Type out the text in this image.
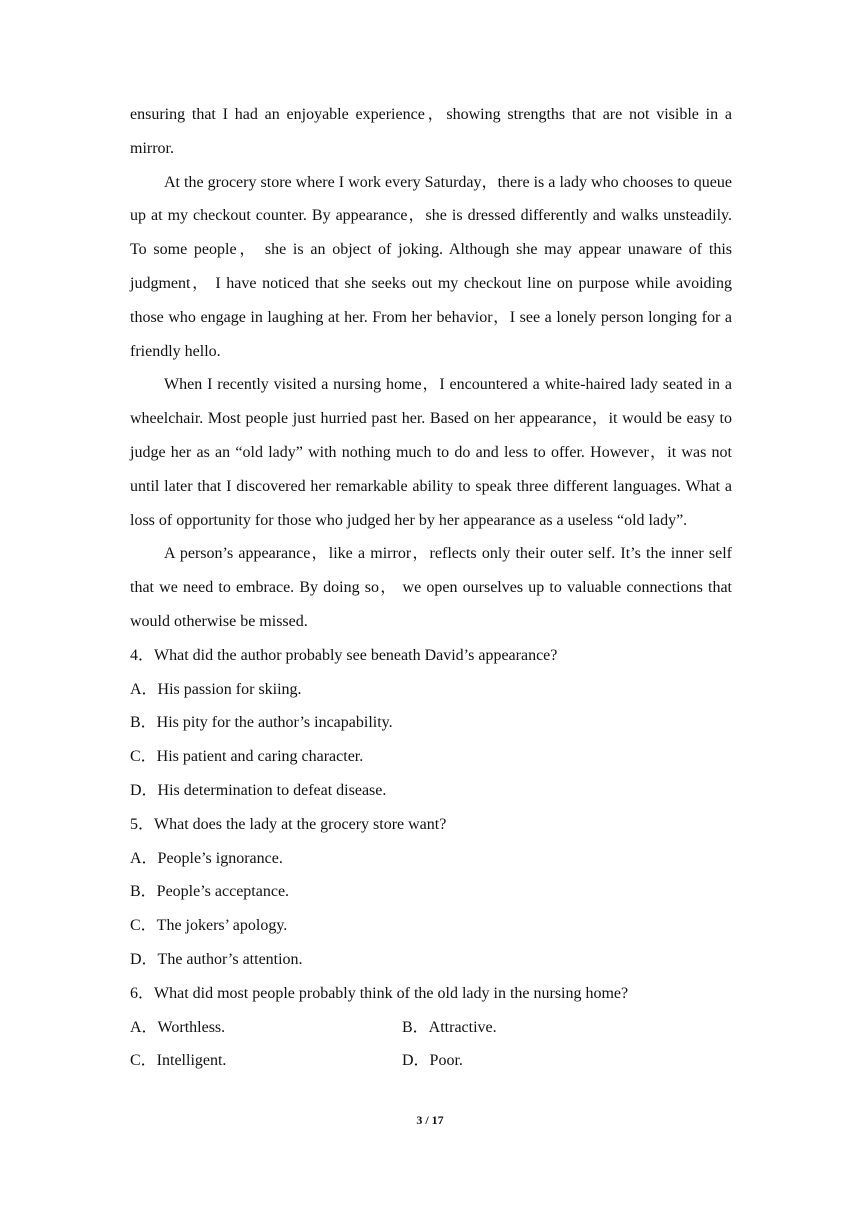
ensuring that I had an enjoyable experience，showing strengths that are not visible in a mirror.

At the grocery store where I work every Saturday，there is a lady who chooses to queue up at my checkout counter. By appearance，she is dressed differently and walks unsteadily. To some people， she is an object of joking. Although she may appear unaware of this judgment， I have noticed that she seeks out my checkout line on purpose while avoiding those who engage in laughing at her. From her behavior，I see a lonely person longing for a friendly hello.

When I recently visited a nursing home，I encountered a white-haired lady seated in a wheelchair. Most people just hurried past her. Based on her appearance，it would be easy to judge her as an “old lady” with nothing much to do and less to offer. However，it was not until later that I discovered her remarkable ability to speak three different languages. What a loss of opportunity for those who judged her by her appearance as a useless “old lady”.

A person’s appearance，like a mirror，reflects only their outer self. It’s the inner self that we need to embrace. By doing so， we open ourselves up to valuable connections that would otherwise be missed.

4．What did the author probably see beneath David’s appearance?

A．His passion for skiing.

B．His pity for the author’s incapability.

C．His patient and caring character.

D．His determination to defeat disease.

5．What does the lady at the grocery store want?

A．People’s ignorance.

B．People’s acceptance.

C．The jokers’ apology.

D．The author’s attention.

6．What did most people probably think of the old lady in the nursing home?

A．Worthless.	B．Attractive.

C．Intelligent.	D．Poor.

3 / 17
